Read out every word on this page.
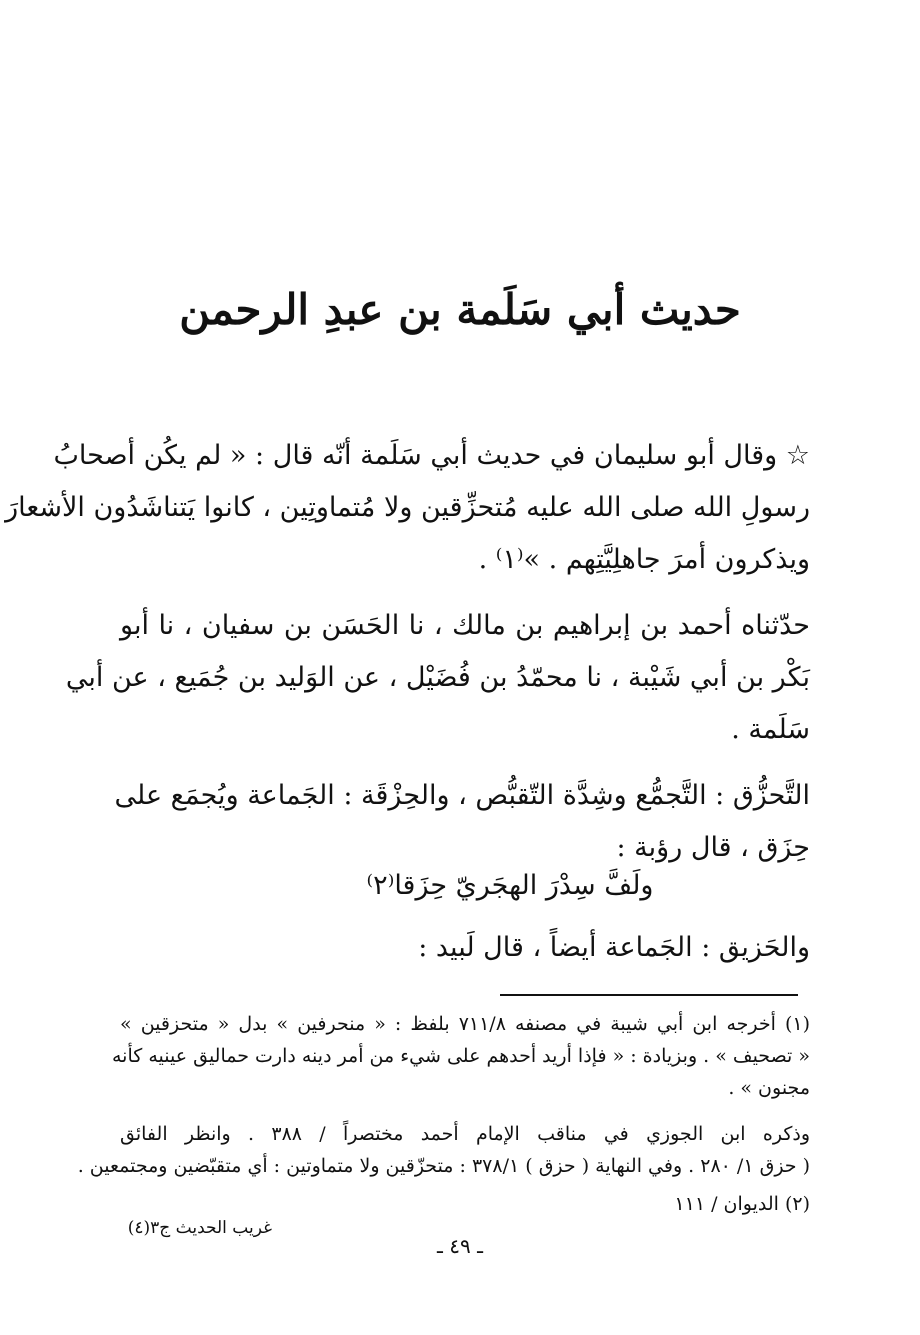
حديث أبي سَلَمة بن عبدِ الرحمن
☆ وقال أبو سليمان في حديث أبي سَلَمة أنّه قال : « لم يكُن أصحابُ
رسولِ الله صلى الله عليه مُتحزِّقين ولا مُتماوتِين ، كانوا يَتناشَدُون الأشعارَ
ويذكرون أمرَ جاهلِيَّتِهم . »⁽١⁾ .
حدّثناه أحمد بن إبراهيم بن مالك ، نا الحَسَن بن سفيان ، نا أبو
بَكْر بن أبي شَيْبة ، نا محمّدُ بن فُضَيْل ، عن الوَليد بن جُمَيع ، عن أبي
سَلَمة .
التَّحزُّق : التَّجمُّع وشِدَّة التّقبُّص ، والحِزْقَة : الجَماعة ويُجمَع على
حِزَق ، قال رؤبة :
ولَفَّ سِدْرَ الهجَريّ حِزَقا⁽٢⁾
والحَزيق : الجَماعة أيضاً ، قال لَبيد :
(١) أخرجه ابن أبي شيبة في مصنفه ٧١١/٨ بلفظ : « منحرفين » بدل « متحزقين »
« تصحيف » . وبزيادة : « فإذا أريد أحدهم على شيء من أمر دينه دارت حماليق عينيه كأنه
مجنون » .
وذكره ابن الجوزي في مناقب الإمام أحمد مختصراً / ٣٨٨ . وانظر الفائق
( حزق ١/ ٢٨٠ . وفي النهاية ( حزق ) ٣٧٨/١ : متحزّقين ولا متماوتين : أي متقبّضين ومجتمعين .
(٢) الديوان / ١١١
غريب الحديث ج٣(٤)
ـ ٤٩ ـ
